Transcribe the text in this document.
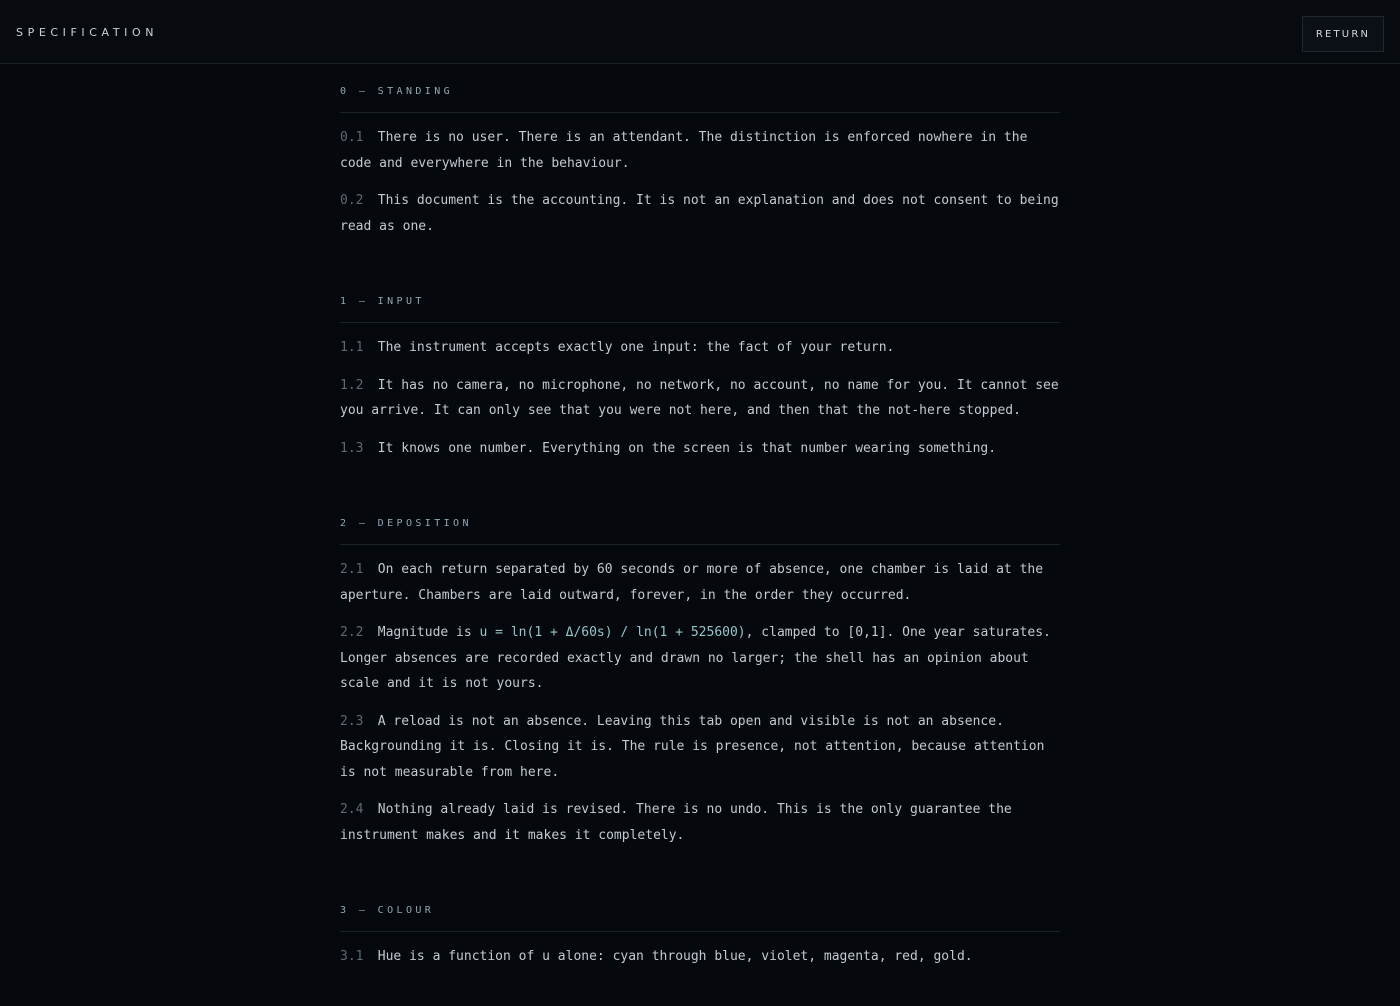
SPECIFICATION	RETURN
0 — STANDING

0.1 There is no user. There is an attendant. The distinction is enforced nowhere in the code and everywhere in the behaviour.

0.2 This document is the accounting. It is not an explanation and does not consent to being read as one.

1 — INPUT

1.1 The instrument accepts exactly one input: the fact of your return.

1.2 It has no camera, no microphone, no network, no account, no name for you. It cannot see you arrive. It can only see that you were not here, and then that the not-here stopped.

1.3 It knows one number. Everything on the screen is that number wearing something.

2 — DEPOSITION

2.1 On each return separated by 60 seconds or more of absence, one chamber is laid at the aperture. Chambers are laid outward, forever, in the order they occurred.

2.2 Magnitude is u = ln(1 + Δ/60s) / ln(1 + 525600), clamped to [0,1]. One year saturates. Longer absences are recorded exactly and drawn no larger; the shell has an opinion about scale and it is not yours.

2.3 A reload is not an absence. Leaving this tab open and visible is not an absence. Backgrounding it is. Closing it is. The rule is presence, not attention, because attention is not measurable from here.

2.4 Nothing already laid is revised. There is no undo. This is the only guarantee the instrument makes and it makes it completely.

3 — COLOUR

3.1 Hue is a function of u alone: cyan through blue, violet, magenta, red, gold.
